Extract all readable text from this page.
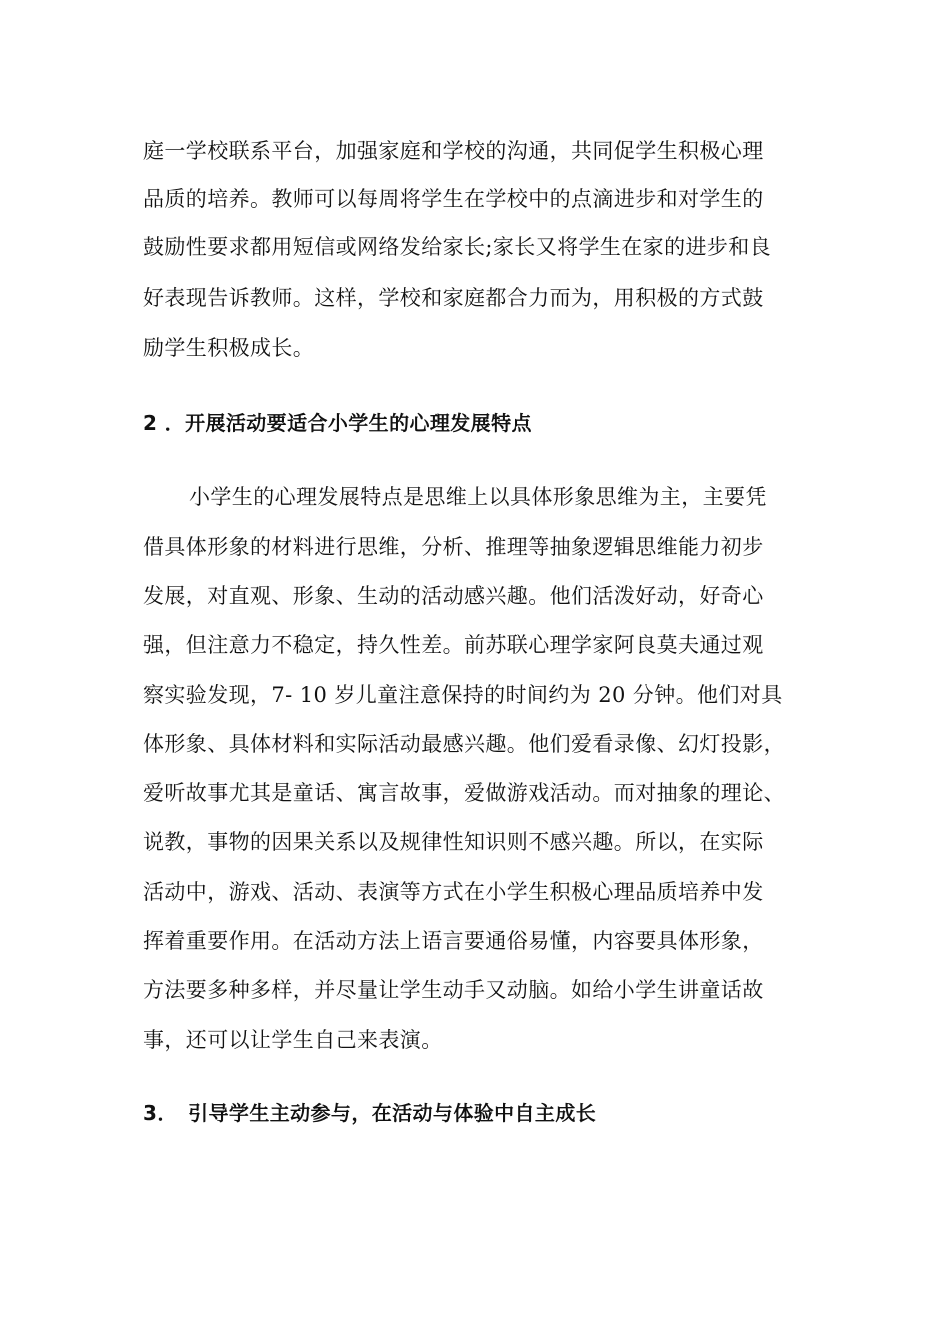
庭一学校联系平台，加强家庭和学校的沟通，共同促学生积极心理
品质的培养。教师可以每周将学生在学校中的点滴进步和对学生的
鼓励性要求都用短信或网络发给家长;家长又将学生在家的进步和良
好表现告诉教师。这样，学校和家庭都合力而为，用积极的方式鼓
励学生积极成长。
2 ．开展活动要适合小学生的心理发展特点
小学生的心理发展特点是思维上以具体形象思维为主，主要凭
借具体形象的材料进行思维，分析、推理等抽象逻辑思维能力初步
发展，对直观、形象、生动的活动感兴趣。他们活泼好动，好奇心
强，但注意力不稳定，持久性差。前苏联心理学家阿良莫夫通过观
察实验发现，7- 10 岁儿童注意保持的时间约为 20 分钟。他们对具
体形象、具体材料和实际活动最感兴趣。他们爱看录像、幻灯投影，
爱听故事尤其是童话、寓言故事，爱做游戏活动。而对抽象的理论、
说教，事物的因果关系以及规律性知识则不感兴趣。所以，在实际
活动中，游戏、活动、表演等方式在小学生积极心理品质培养中发
挥着重要作用。在活动方法上语言要通俗易懂，内容要具体形象，
方法要多种多样，并尽量让学生动手又动脑。如给小学生讲童话故
事，还可以让学生自己来表演。
3．　引导学生主动参与，在活动与体验中自主成长
